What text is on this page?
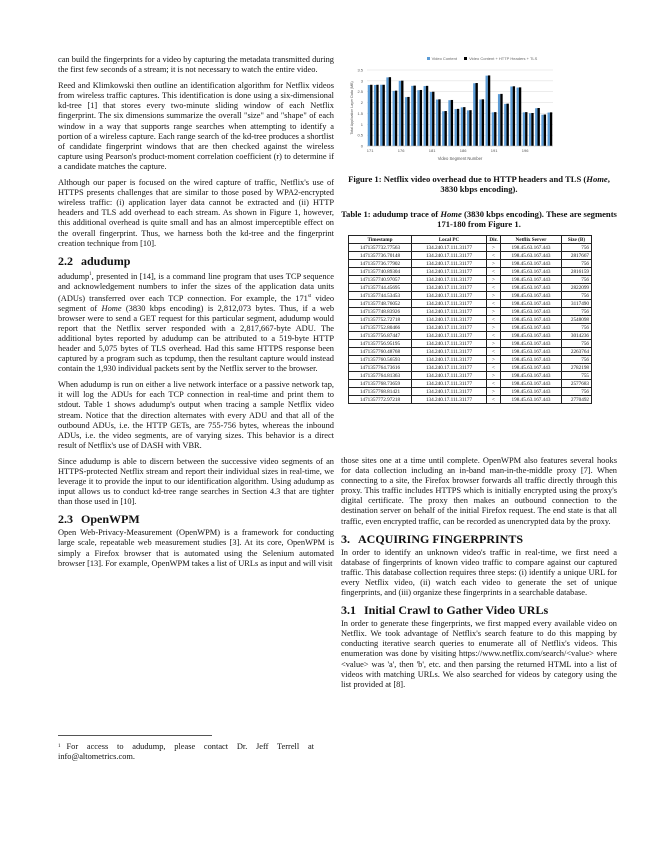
can build the fingerprints for a video by capturing the metadata transmitted during the first few seconds of a stream; it is not necessary to watch the entire video.

Reed and Klimkowski then outline an identification algorithm for Netflix videos from wireless traffic captures. This identification is done using a six-dimensional kd-tree [1] that stores every two-minute sliding window of each Netflix fingerprint. The six dimensions summarize the overall "size" and "shape" of each window in a way that supports range searches when attempting to identify a portion of a wireless capture. Each range search of the kd-tree produces a shortlist of candidate fingerprint windows that are then checked against the wireless capture using Pearson's product-moment correlation coefficient (r) to determine if a candidate matches the capture.

Although our paper is focused on the wired capture of traffic, Netflix's use of HTTPS presents challenges that are similar to those posed by WPA2-encrypted wireless traffic: (i) application layer data cannot be extracted and (ii) HTTP headers and TLS add overhead to each stream. As shown in Figure 1, however, this additional overhead is quite small and has an almost imperceptible effect on the overall fingerprint. Thus, we harness both the kd-tree and the fingerprint creation technique from [10].

2.2 adudump

adudump$^1$, presented in [14], is a command line program that uses TCP sequence and acknowledgement numbers to infer the sizes of the application data units (ADUs) transferred over each TCP connection. For example, the 171st video segment of Home (3830 kbps encoding) is 2,812,073 bytes. Thus, if a web browser were to send a GET request for this particular segment, adudump would report that the Netflix server responded with a 2,817,667-byte ADU. The additional bytes reported by adudump can be attributed to a 519-byte HTTP header and 5,075 bytes of TLS overhead. Had this same HTTPS response been captured by a program such as tcpdump, then the resultant capture would instead contain the 1,930 individual packets sent by the Netflix server to the browser.

When adudump is run on either a live network interface or a passive network tap, it will log the ADUs for each TCP connection in real-time and print them to stdout. Table 1 shows adudump's output when tracing a sample Netflix video stream. Notice that the direction alternates with every ADU and that all of the outbound ADUs, i.e. the HTTP GETs, are 755-756 bytes, whereas the inbound ADUs, i.e. the video segments, are of varying sizes. This behavior is a direct result of Netflix's use of DASH with VBR.

Since adudump is able to discern between the successive video segments of an HTTPS-protected Netflix stream and report their individual sizes in real-time, we leverage it to provide the input to our identification algorithm. Using adudump as input allows us to conduct kd-tree range searches in Section 4.3 that are tighter than those used in [10].

2.3 OpenWPM

Open Web-Privacy-Measurement (OpenWPM) is a framework for conducting large scale, repeatable web measurement studies [3]. At its core, OpenWPM is simply a Firefox browser that is automated using the Selenium automated browser [13]. For example, OpenWPM takes a list of URLs as input and will visit

$^1$ For access to adudump, please contact Dr. Jeff Terrell at info@altometrics.com.
Video Content	Video Content + HTTP Headers + TLS
0
0.5
1
1.5
2
2.5
3
3.5
171	176	181	186	191	196
Video Segment Number
Total Application Layer Data (MB)
Figure 1: Netflix video overhead due to HTTP headers and TLS (Home, 3830 kbps encoding).
Table 1: adudump trace of Home (3830 kbps encoding). These are segments 171-180 from Figure 1.
Timestamp	Local PC	Dir.	Netflix Server	Size (B)
1471357732.77563	134.240.17.111.31177	>	198.45.63.167.443	756
1471357736.70148	134.240.17.111.31177	<	198.45.63.167.443	2817667
1471357736.77902	134.240.17.111.31177	>	198.45.63.167.443	756
1471357740.89304	134.240.17.111.31177	<	198.45.63.167.443	2816159
1471357740.97057	134.240.17.111.31177	>	198.45.63.167.443	756
1471357744.45695	134.240.17.111.31177	<	198.45.63.167.443	2822099
1471357744.53453	134.240.17.111.31177	>	198.45.63.167.443	756
1471357748.76052	134.240.17.111.31177	<	198.45.63.167.443	3117490
1471357748.83926	134.240.17.111.31177	>	198.45.63.167.443	756
1471357752.72718	134.240.17.111.31177	<	198.45.63.167.443	2548098
1471357752.80466	134.240.17.111.31177	>	198.45.63.167.443	756
1471357756.87447	134.240.17.111.31177	<	198.45.63.167.443	3014236
1471357756.95195	134.240.17.111.31177	>	198.45.63.167.443	756
1471357760.48768	134.240.17.111.31177	<	198.45.63.167.443	2263764
1471357760.56593	134.240.17.111.31177	>	198.45.63.167.443	756
1471357764.73616	134.240.17.111.31177	<	198.45.63.167.443	2782198
1471357764.81363	134.240.17.111.31177	>	198.45.63.167.443	755
1471357768.73659	134.240.17.111.31177	<	198.45.63.167.443	2577683
1471357768.81421	134.240.17.111.31177	>	198.45.63.167.443	756
1471357772.97218	134.240.17.111.31177	<	198.45.63.167.443	2770492

those sites one at a time until complete. OpenWPM also features several hooks for data collection including an in-band man-in-the-middle proxy [7]. When connecting to a site, the Firefox browser forwards all traffic directly through this proxy. This traffic includes HTTPS which is initially encrypted using the proxy's digital certificate. The proxy then makes an outbound connection to the destination server on behalf of the initial Firefox request. The end state is that all traffic, even encrypted traffic, can be recorded as unencrypted data by the proxy.

3. ACQUIRING FINGERPRINTS

In order to identify an unknown video's traffic in real-time, we first need a database of fingerprints of known video traffic to compare against our captured traffic. This database collection requires three steps: (i) identify a unique URL for every Netflix video, (ii) watch each video to generate the set of unique fingerprints, and (iii) organize these fingerprints in a searchable database.

3.1 Initial Crawl to Gather Video URLs

In order to generate these fingerprints, we first mapped every available video on Netflix. We took advantage of Netflix's search feature to do this mapping by conducting iterative search queries to enumerate all of Netflix's videos. This enumeration was done by visiting https://www.netflix.com/search/<value> where <value> was 'a', then 'b', etc. and then parsing the returned HTML into a list of videos with matching URLs. We also searched for videos by category using the list provided at [8].
